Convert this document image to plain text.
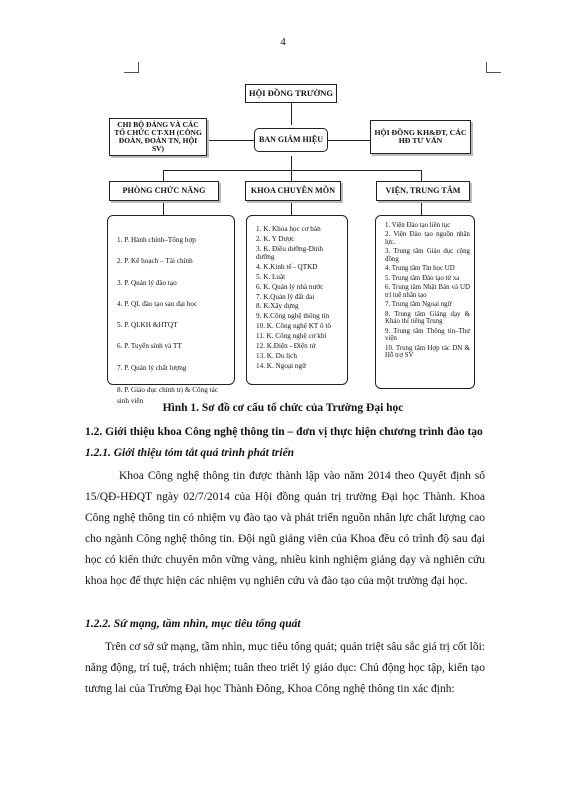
4
HỘI ĐỒNG TRƯỜNG
CHI BỘ ĐẢNG VÀ CÁC TỔ CHỨC CT-XH (CÔNG ĐOÀN, ĐOÀN TN, HỘI SV)
BAN GIÁM HIỆU
HỘI ĐỒNG KH&ĐT, CÁC HĐ TƯ VẤN
PHÒNG CHỨC NĂNG	KHOA CHUYÊN MÔN	VIỆN, TRUNG TÂM
1. P. Hành chính–Tổng hợp
2. P. Kế hoạch – Tài chính
3. P. Quản lý đào tạo
4. P. QL đào tạo sau đại học
5. P. QLKH &HTQT
6. P. Tuyển sinh và TT
7. P. Quản lý chất lượng
8. P. Giáo dục chính trị & Công tác sinh viên
1. K. Khoa học cơ bản
2. K. Y Dược
3. K. Điều dưỡng-Dinh dưỡng
4. K.Kinh tế - QTKD
5. K. Luật
6. K. Quản lý nhà nước
7. K.Quản lý đất đai
8. K.Xây dựng
9. K.Công nghệ thông tin
10. K. Công nghệ KT ô tô
11. K. Công nghệ cơ khí
12. K.Điện - Điện tử
13. K. Du lịch
14. K. Ngoại ngữ
1. Viện Đào tạo liên tục
2. Viện Đào tạo nguồn nhân lực.
3. Trung tâm Giáo dục cộng đồng
4. Trung tâm Tin học UD
5. Trung tâm Đào tạo từ xa
6. Trung tâm Nhật Bản và UD trí tuệ nhân tạo
7. Trung tâm Ngoại ngữ
8. Trung tâm Giảng dạy & Khảo thí tiếng Trung
9. Trung tâm Thông tin–Thư viện
10. Trung tâm Hợp tác DN & Hỗ trợ SV
Hình 1. Sơ đồ cơ cấu tổ chức của Trường Đại học
1.2. Giới thiệu khoa Công nghệ thông tin – đơn vị thực hiện chương trình đào tạo
1.2.1. Giới thiệu tóm tắt quá trình phát triển
Khoa Công nghệ thông tin được thành lập vào năm 2014 theo Quyết định số 15/QĐ-HĐQT ngày 02/7/2014 của Hội đồng quản trị trường Đại học Thành. Khoa Công nghệ thông tin có nhiệm vụ đào tạo và phát triển nguồn nhân lực chất lượng cao cho ngành Công nghệ thông tin. Đội ngũ giảng viên của Khoa đều có trình độ sau đại học có kiến thức chuyên môn vững vàng, nhiều kinh nghiệm giảng dạy và nghiên cứu khoa học để thực hiện các nhiệm vụ nghiên cứu và đào tạo của một trường đại học.
1.2.2. Sứ mạng, tầm nhìn, mục tiêu tổng quát
Trên cơ sở sứ mạng, tầm nhìn, mục tiêu tổng quát; quán triệt sâu sắc giá trị cốt lõi: năng động, trí tuệ, trách nhiệm; tuân theo triết lý giáo dục: Chủ động học tập, kiến tạo tương lai của Trường Đại học Thành Đông, Khoa Công nghệ thông tin xác định:
